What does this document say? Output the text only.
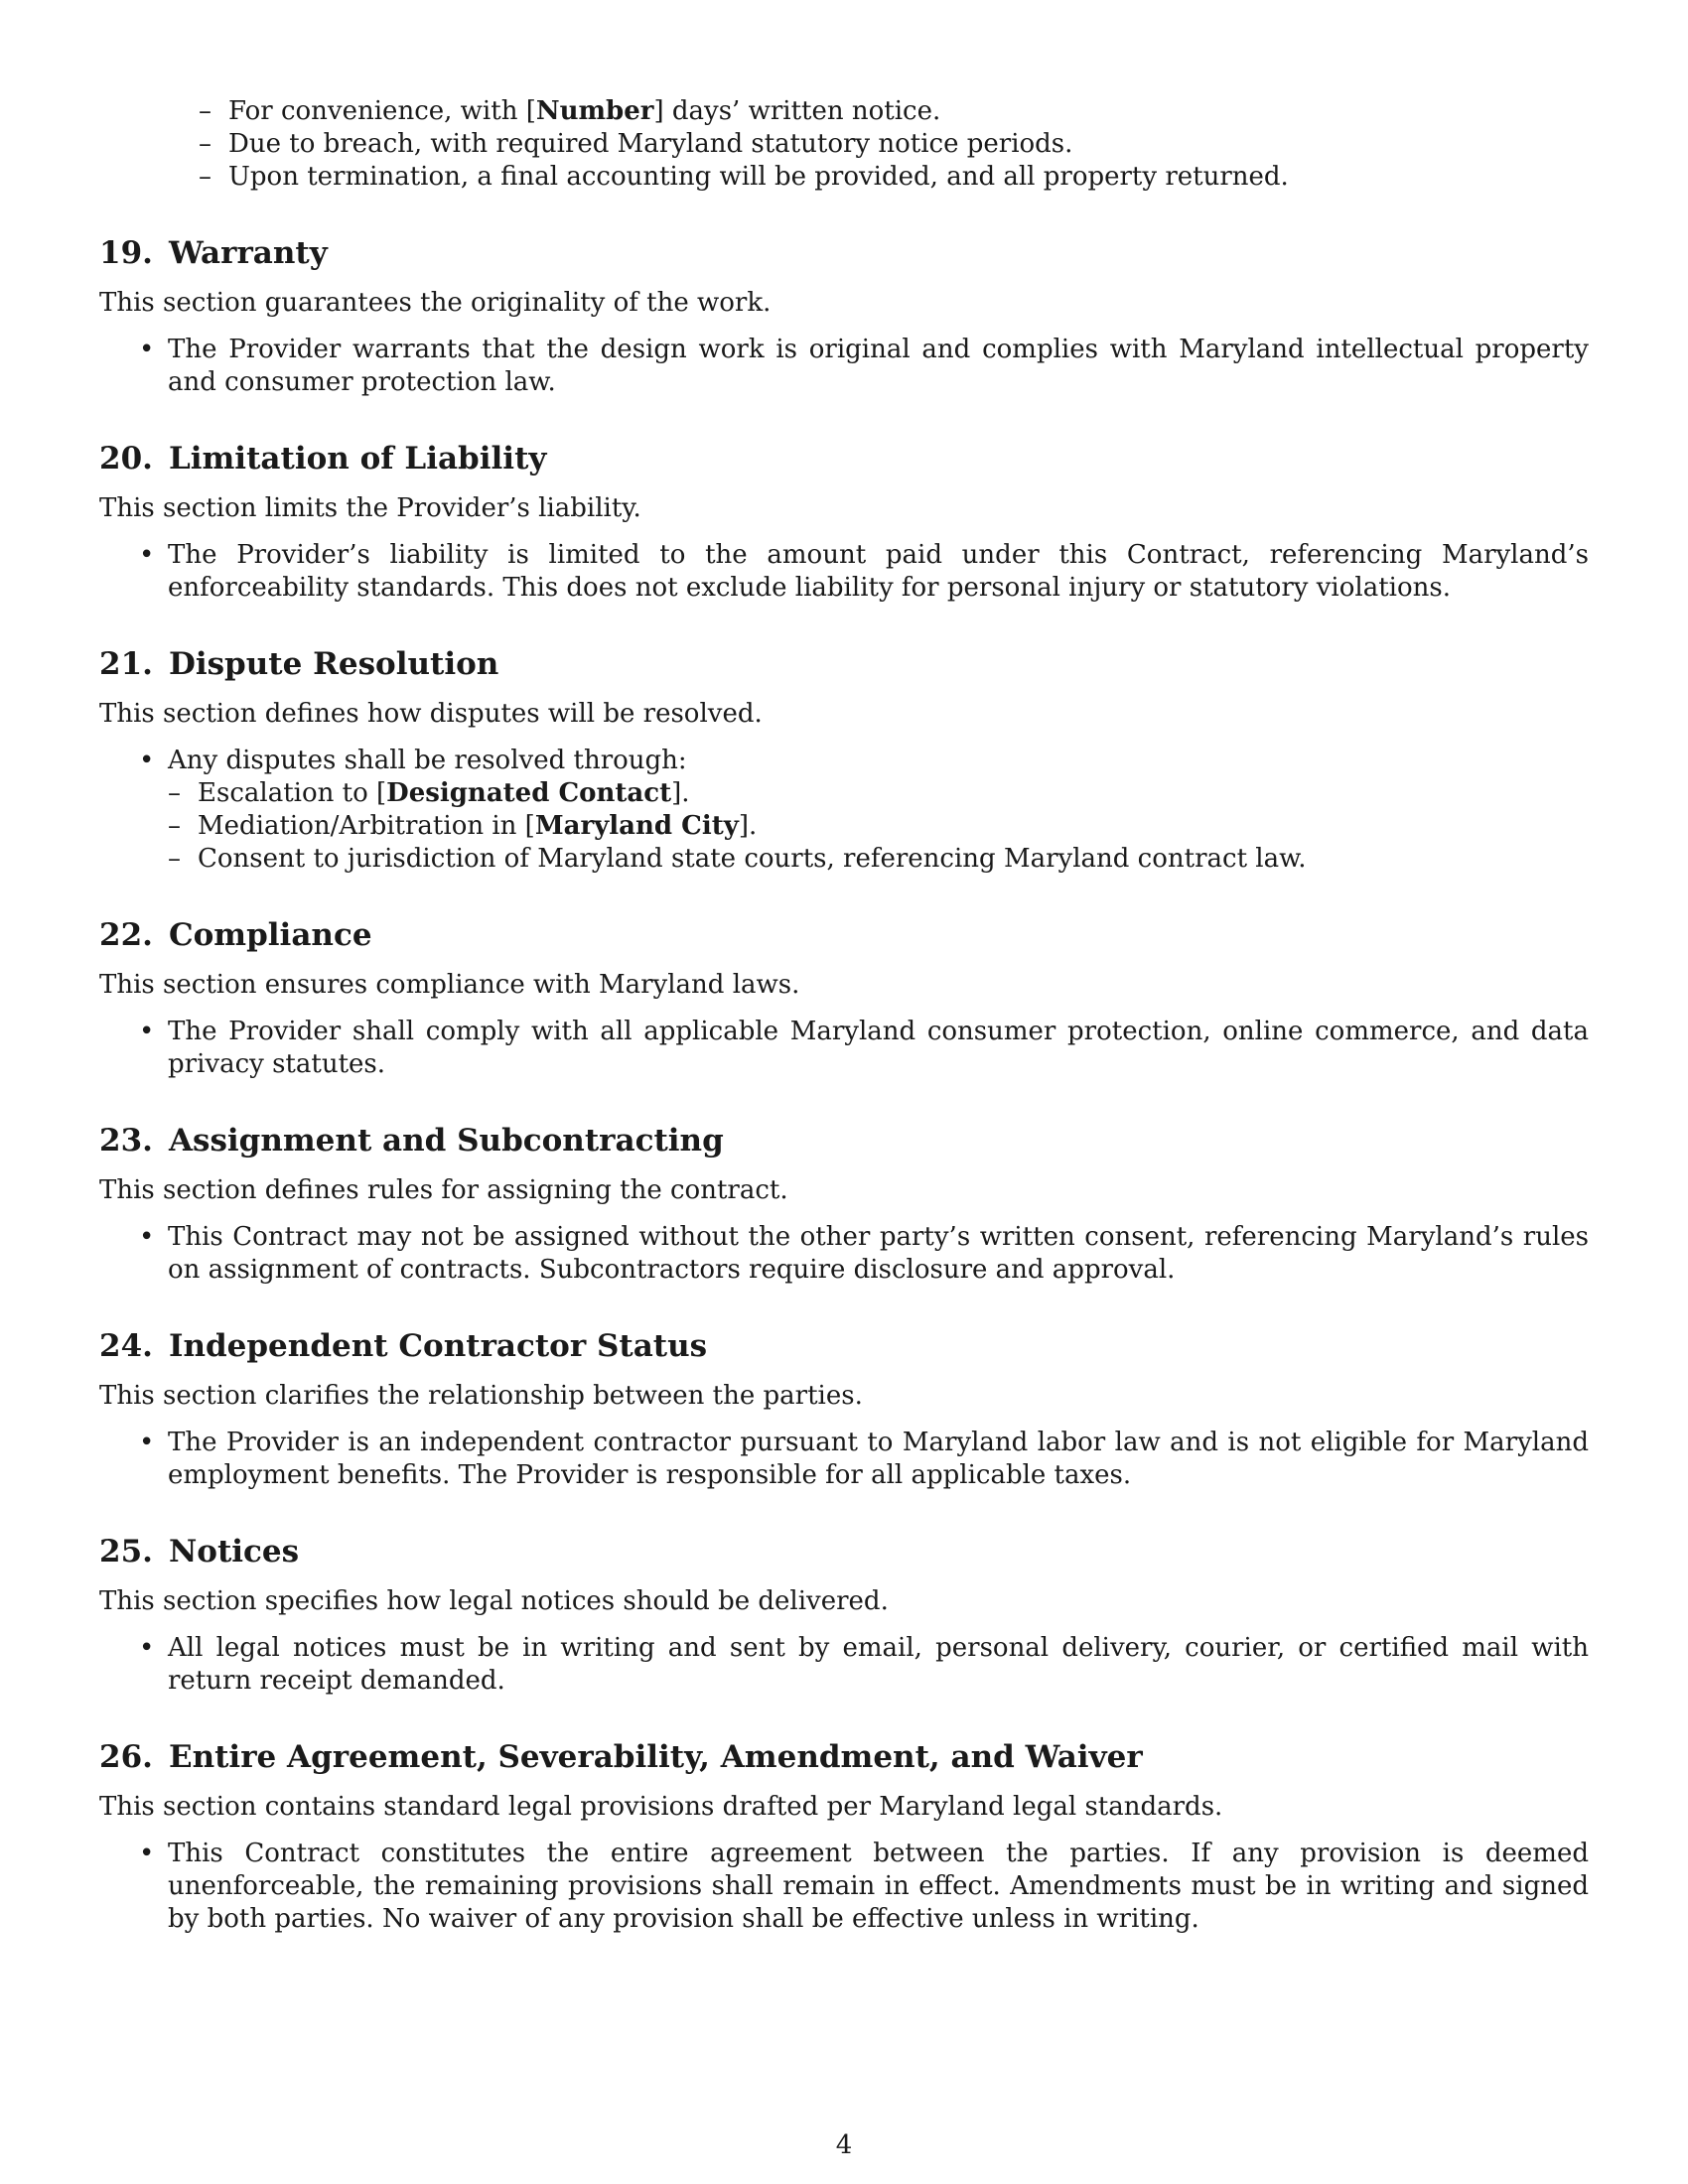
– For convenience, with [Number] days’ written notice.
– Due to breach, with required Maryland statutory notice periods.
– Upon termination, a final accounting will be provided, and all property returned.
19. Warranty

This section guarantees the originality of the work.

• The Provider warrants that the design work is original and complies with Maryland intellectual property and consumer protection law.
20. Limitation of Liability

This section limits the Provider’s liability.

• The Provider’s liability is limited to the amount paid under this Contract, referencing Maryland’s enforceability standards. This does not exclude liability for personal injury or statutory violations.
21. Dispute Resolution

This section defines how disputes will be resolved.

• Any disputes shall be resolved through:
– Escalation to [Designated Contact].
– Mediation/Arbitration in [Maryland City].
– Consent to jurisdiction of Maryland state courts, referencing Maryland contract law.
22. Compliance

This section ensures compliance with Maryland laws.

• The Provider shall comply with all applicable Maryland consumer protection, online commerce, and data privacy statutes.
23. Assignment and Subcontracting

This section defines rules for assigning the contract.

• This Contract may not be assigned without the other party’s written consent, referencing Maryland’s rules on assignment of contracts. Subcontractors require disclosure and approval.
24. Independent Contractor Status

This section clarifies the relationship between the parties.

• The Provider is an independent contractor pursuant to Maryland labor law and is not eligible for Maryland employment benefits. The Provider is responsible for all applicable taxes.
25. Notices

This section specifies how legal notices should be delivered.

• All legal notices must be in writing and sent by email, personal delivery, courier, or certified mail with return receipt demanded.
26. Entire Agreement, Severability, Amendment, and Waiver

This section contains standard legal provisions drafted per Maryland legal standards.

• This Contract constitutes the entire agreement between the parties. If any provision is deemed unenforceable, the remaining provisions shall remain in effect. Amendments must be in writing and signed by both parties. No waiver of any provision shall be effective unless in writing.
4
